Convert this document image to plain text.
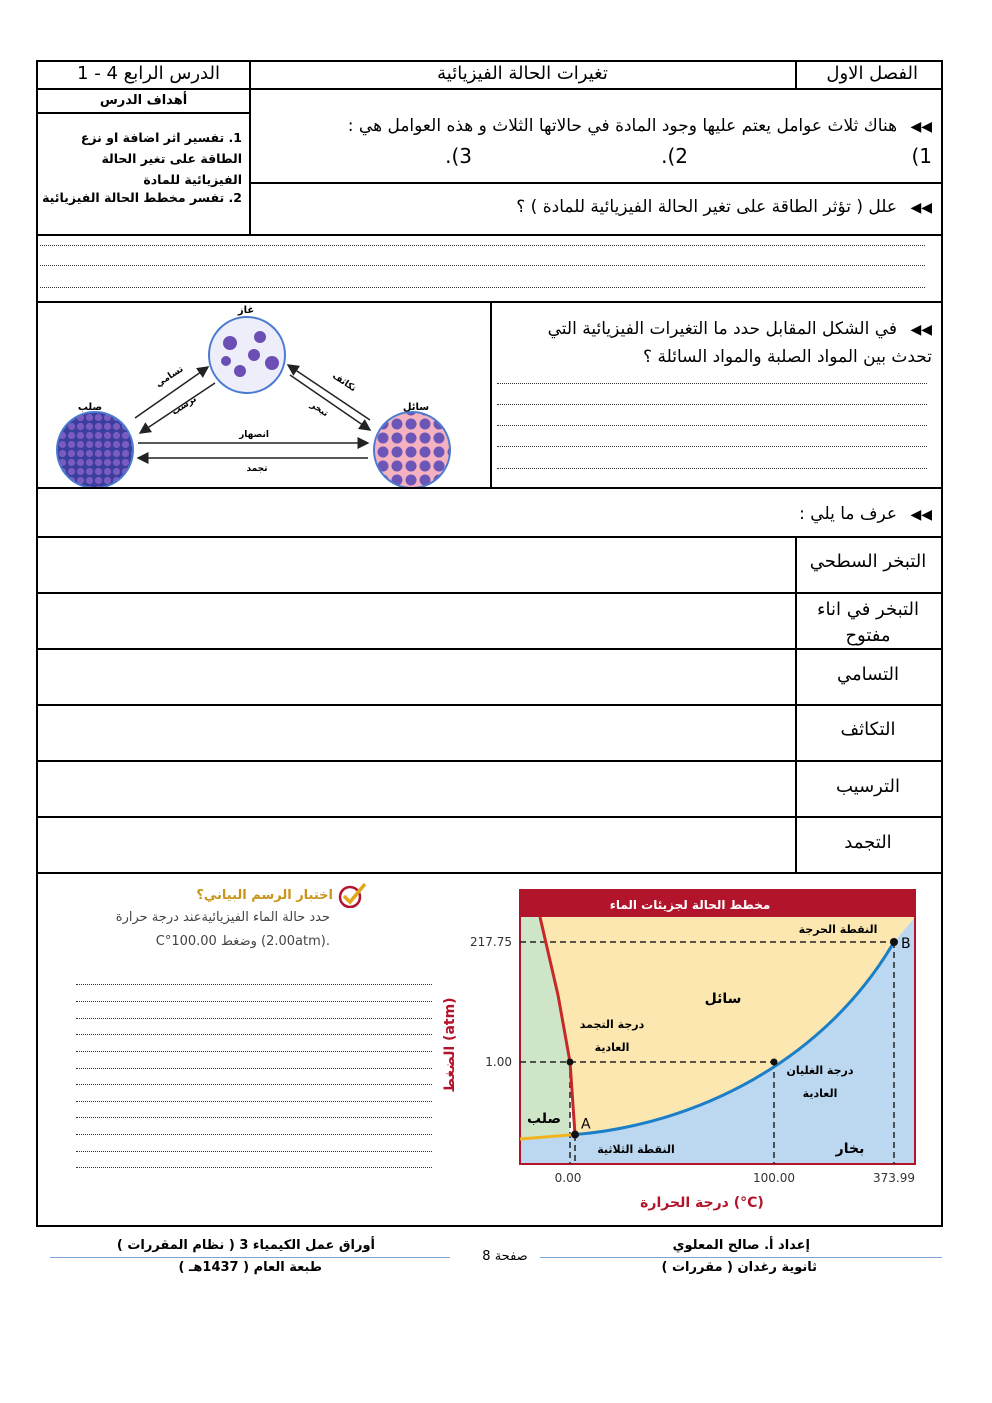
الفصل الاول
تغيرات الحالة الفيزيائية
الدرس الرابع 4 - 1
أهداف الدرس
1. تفسير اثر اضافة او نزع الطاقة على تغير الحالة الفيزيائية للمادة
2. تفسر مخطط الحالة الفيزيائية
◀◀ هناك ثلاث عوامل يعتم عليها وجود المادة في حالاتها الثلاث و هذه العوامل هي :
1)
2).
3).
◀◀ علل ( تؤثر الطاقة على تغير الحالة الفيزيائية للمادة ) ؟
◀◀ في الشكل المقابل حدد ما التغيرات الفيزيائية التي
تحدث بين المواد الصلبة والمواد السائلة ؟
غاز
صلب	سائل
تسامي
ترسب
تكاثف
تبخر
انصهار
تجمد
◀◀ عرف ما يلي :
التبخر السطحي
التبخر في اناء مفتوح
التسامي
التكاثف
الترسيب
التجمد
اختبار الرسم البياني؟
حدد حالة الماء الفيزيائيةعند درجة حرارة
.(2.00atm) وضغط 100.00°C
مخطط الحالة لجزيئات الماء
A
B
سائل
صلب
بخار
النقطة الحرجة
النقطة الثلاثية
درجة التجمد
العادية
درجة الغليان
العادية
217.75
1.00
0.00	100.00	373.99
درجة الحرارة (°C)
الضغط (atm)
أوراق عمل الكيمياء 3 ( نظام المقررات )
طبعة العام ( 1437هـ )
صفحة 8
إعداد أ. صالح المعلوي
ثانوية رغدان ( مقررات )
